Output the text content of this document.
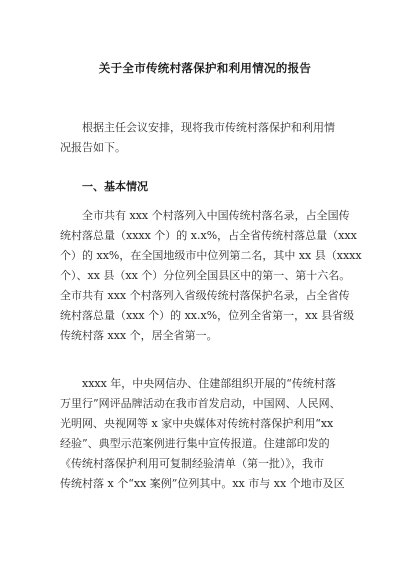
关于全市传统村落保护和利用情况的报告

　　根据主任会议安排，现将我市传统村落保护和利用情
况报告如下。

　　一、基本情况

　　全市共有 xxx 个村落列入中国传统村落名录，占全国传
统村落总量（xxxx 个）的 x.x%，占全省传统村落总量（xxx
个）的 xx%，在全国地级市中位列第二名，其中 xx 县（xxxx
个）、xx 县（xx 个）分位列全国县区中的第一、第十六名。
全市共有 xxx 个村落列入省级传统村落保护名录，占全省传
统村落总量（xxx 个）的 xx.x%，位列全省第一，xx 县省级
传统村落 xxx 个，居全省第一。

　　xxxx 年，中央网信办、住建部组织开展的“传统村落
万里行”网评品牌活动在我市首发启动，中国网、人民网、
光明网、央视网等 x 家中央媒体对传统村落保护利用“xx
经验”、典型示范案例进行集中宣传报道。住建部印发的
《传统村落保护利用可复制经验清单（第一批）》，我市
传统村落 x 个“xx 案例”位列其中。xx 市与 xx 个地市及区
